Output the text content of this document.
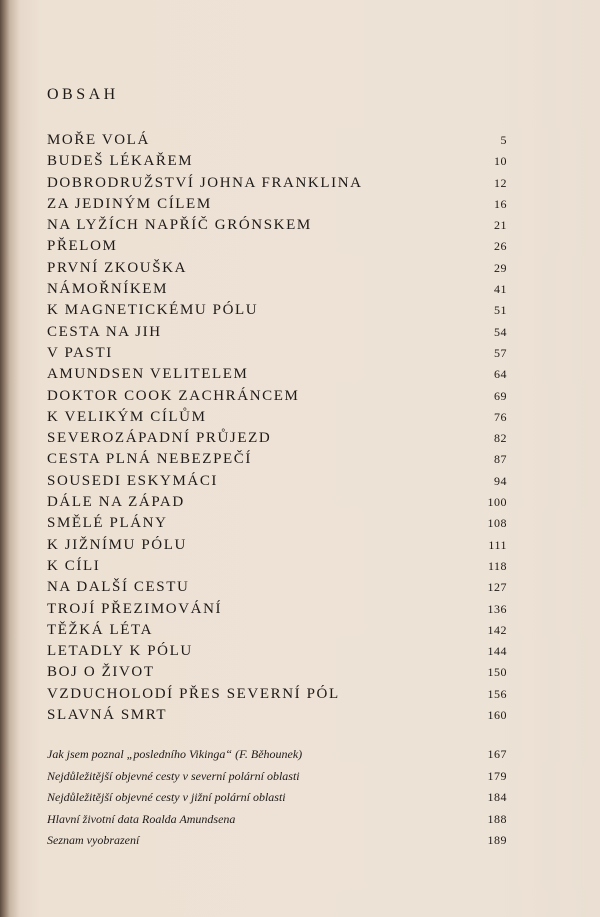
OBSAH
MOŘE VOLÁ	5
BUDEŠ LÉKAŘEM	10
DOBRODRUŽSTVÍ JOHNA FRANKLINA	12
ZA JEDINÝM CÍLEM	16
NA LYŽÍCH NAPŘÍČ GRÓNSKEM	21
PŘELOM	26
PRVNÍ ZKOUŠKA	29
NÁMOŘNÍKEM	41
K MAGNETICKÉMU PÓLU	51
CESTA NA JIH	54
V PASTI	57
AMUNDSEN VELITELEM	64
DOKTOR COOK ZACHRÁNCEM	69
K VELIKÝM CÍLŮM	76
SEVEROZÁPADNÍ PRŮJEZD	82
CESTA PLNÁ NEBEZPEČÍ	87
SOUSEDI ESKYMÁCI	94
DÁLE NA ZÁPAD	100
SMĚLÉ PLÁNY	108
K JIŽNÍMU PÓLU	111
K CÍLI	118
NA DALŠÍ CESTU	127
TROJÍ PŘEZIMOVÁNÍ	136
TĚŽKÁ LÉTA	142
LETADLY K PÓLU	144
BOJ O ŽIVOT	150
VZDUCHOLODÍ PŘES SEVERNÍ PÓL	156
SLAVNÁ SMRT	160
Jak jsem poznal „posledního Vikinga“ (F. Běhounek)	167
Nejdůležitější objevné cesty v severní polární oblasti	179
Nejdůležitější objevné cesty v jižní polární oblasti	184
Hlavní životní data Roalda Amundsena	188
Seznam vyobrazení	189
